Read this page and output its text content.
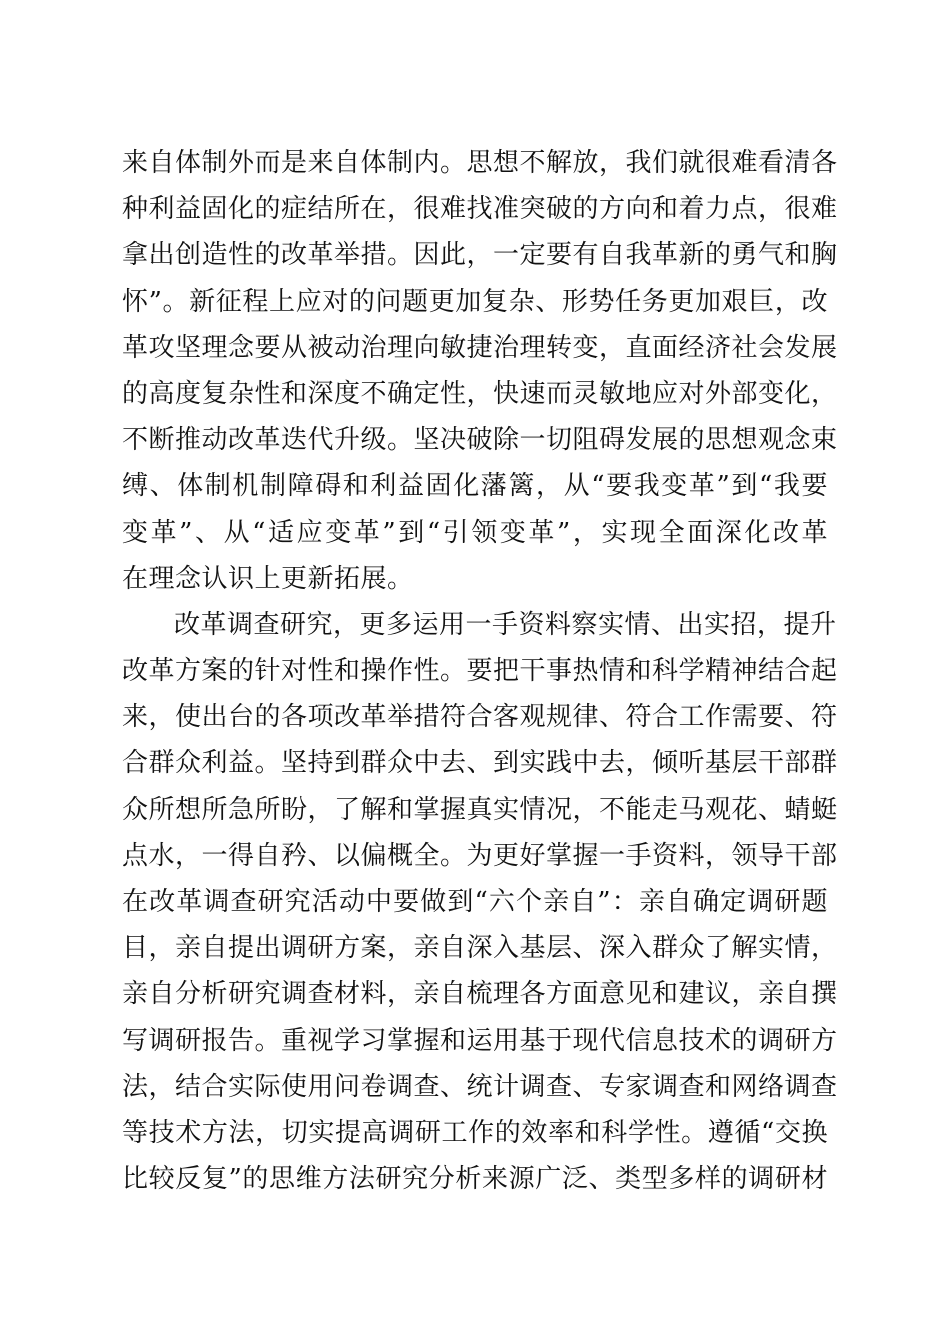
来自体制外而是来自体制内。思想不解放，我们就很难看清各
种利益固化的症结所在，很难找准突破的方向和着力点，很难
拿出创造性的改革举措。因此，一定要有自我革新的勇气和胸
怀”。新征程上应对的问题更加复杂、形势任务更加艰巨，改
革攻坚理念要从被动治理向敏捷治理转变，直面经济社会发展
的高度复杂性和深度不确定性，快速而灵敏地应对外部变化，
不断推动改革迭代升级。坚决破除一切阻碍发展的思想观念束
缚、体制机制障碍和利益固化藩篱，从“要我变革”到“我要
变革”、从“适应变革”到“引领变革”，实现全面深化改革
在理念认识上更新拓展。
改革调查研究，更多运用一手资料察实情、出实招，提升
改革方案的针对性和操作性。要把干事热情和科学精神结合起
来，使出台的各项改革举措符合客观规律、符合工作需要、符
合群众利益。坚持到群众中去、到实践中去，倾听基层干部群
众所想所急所盼，了解和掌握真实情况，不能走马观花、蜻蜓
点水，一得自矜、以偏概全。为更好掌握一手资料，领导干部
在改革调查研究活动中要做到“六个亲自”：亲自确定调研题
目，亲自提出调研方案，亲自深入基层、深入群众了解实情，
亲自分析研究调查材料，亲自梳理各方面意见和建议，亲自撰
写调研报告。重视学习掌握和运用基于现代信息技术的调研方
法，结合实际使用问卷调查、统计调查、专家调查和网络调查
等技术方法，切实提高调研工作的效率和科学性。遵循“交换
比较反复”的思维方法研究分析来源广泛、类型多样的调研材
